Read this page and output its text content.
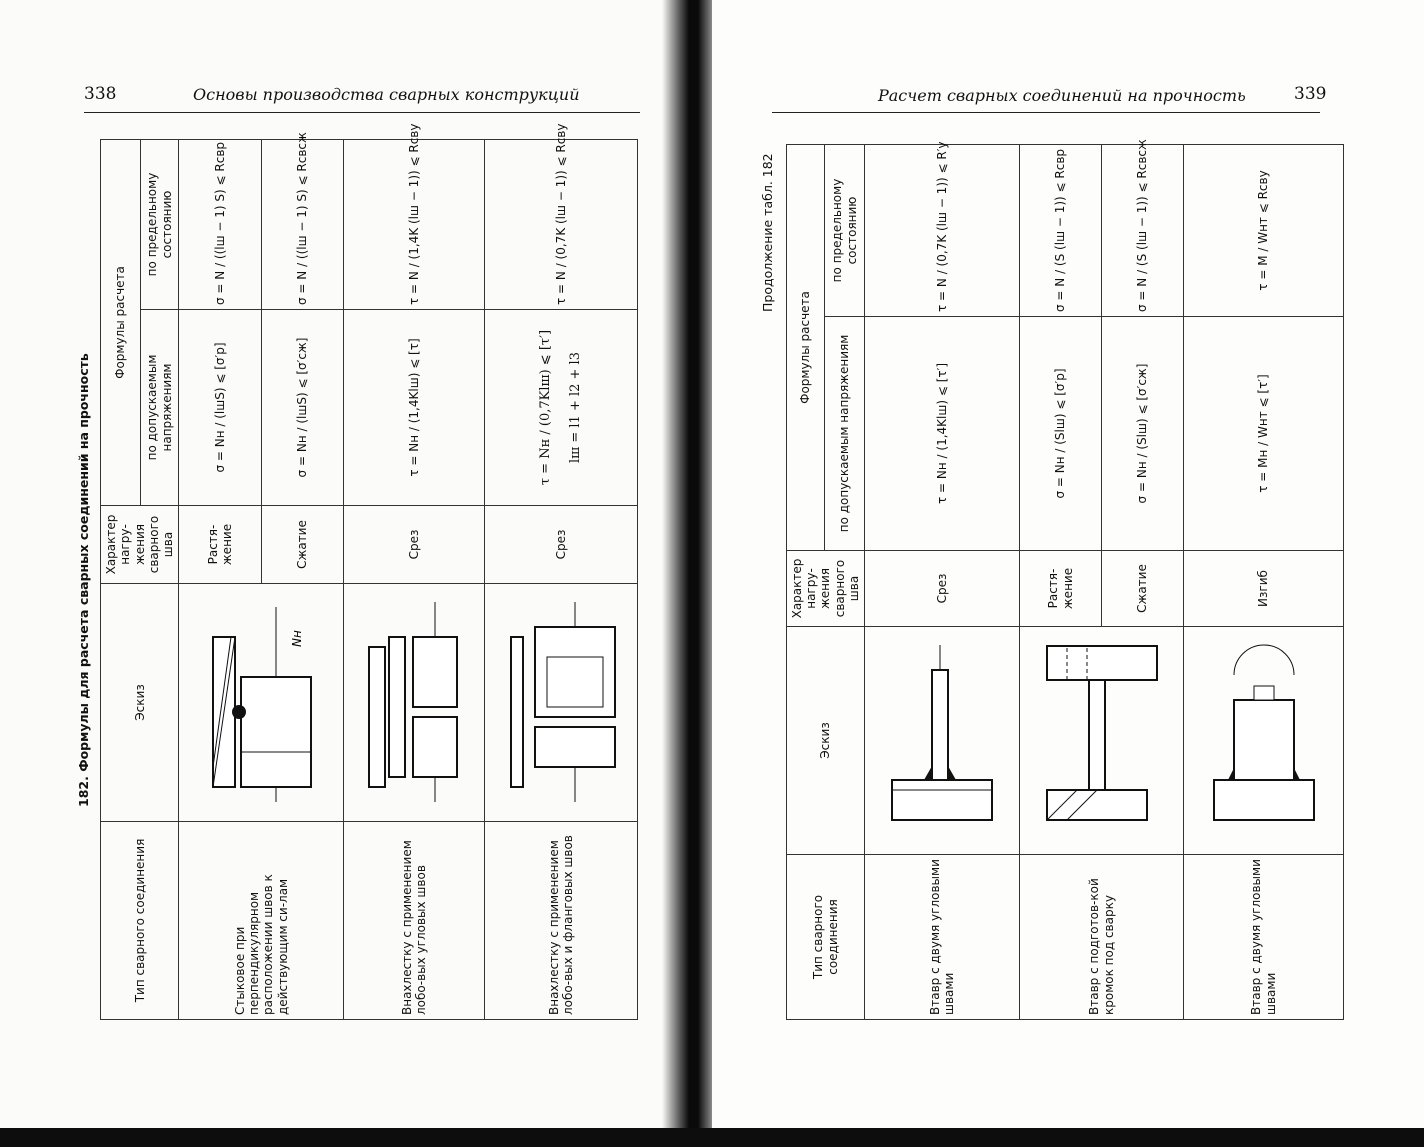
338	Основы производства сварных конструкций
182. Формулы для расчета сварных соединений на прочность
Тип сварного соединения	Эскиз	Характер нагру-жения сварного шва	Формулы расчета	
			по допускаемым напряжениям	по предельному состоянию
Стыковое при перпендикулярном расположении швов к действующим си-лам	Nн	Растя-жение	σ = Nн / (lшS) ⩽ [σ′р]	σ = N / ((lш − 1) S) ⩽ Rсвр
		Сжатие	σ = Nн / (lшS) ⩽ [σ′сж]	σ = N / ((lш − 1) S) ⩽ Rсвсж
Внахлестку с применением лобо-вых угловых швов		Срез	τ = Nн / (1,4Klш) ⩽ [τ]	τ = N / (1,4K (lш − 1)) ⩽ Rсву
Внахлестку с применением лобо-вых и фланговых швов		Срез	τ = Nн / (0,7Klш) ⩽ [τ′] lш = l1 + l2 + l3	τ = N / (0,7K (lш − 1)) ⩽ Rсву
Расчет сварных соединений на прочность	339
Продолжение табл. 182
Тип сварного соединения	Эскиз	Характер нагру-жения сварного шва	Формулы расчета	
			по допускаемым напряжениям	по предельному состоянию
Втавр с двумя угловыми швами		Срез	τ = Nн / (1,4Klш) ⩽ [τ′]	τ = N / (0,7K (lш − 1)) ⩽ R′у
Втавр с подготов-кой кромок под сварку		Растя-жение	σ = Nн / (Slш) ⩽ [σ′р]	σ = N / (S (lш − 1)) ⩽ Rсвр
		Сжатие	σ = Nн / (Slш) ⩽ [σ′сж]	σ = N / (S (lш − 1)) ⩽ Rсвсж
Втавр с двумя угловыми швами		Изгиб	τ = Mн / Wнт ⩽ [τ′]	τ = M / Wнт ⩽ Rсву
